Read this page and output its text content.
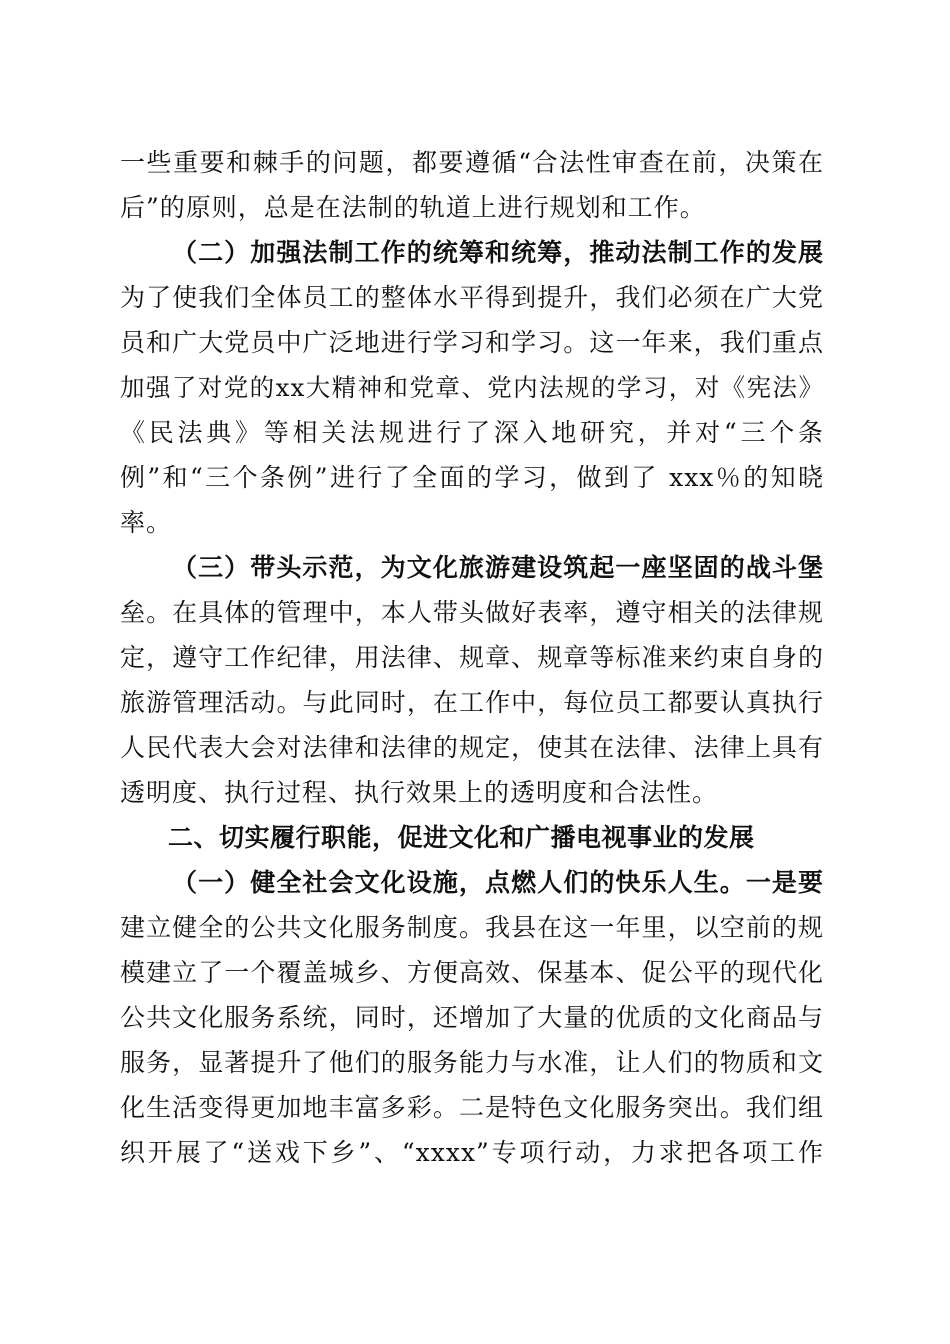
一些重要和棘手的问题，都要遵循“合法性审查在前，决策在
后”的原则，总是在法制的轨道上进行规划和工作。
（二）加强法制工作的统筹和统筹，推动法制工作的发展
为了使我们全体员工的整体水平得到提升，我们必须在广大党
员和广大党员中广泛地进行学习和学习。这一年来，我们重点
加强了对党的xx大精神和党章、党内法规的学习，对《宪法》
《民法典》等相关法规进行了深入地研究，并对“三个条
例”和“三个条例”进行了全面的学习，做到了 xxx％的知晓
率。
（三）带头示范，为文化旅游建设筑起一座坚固的战斗堡
垒。在具体的管理中，本人带头做好表率，遵守相关的法律规
定，遵守工作纪律，用法律、规章、规章等标准来约束自身的
旅游管理活动。与此同时，在工作中，每位员工都要认真执行
人民代表大会对法律和法律的规定，使其在法律、法律上具有
透明度、执行过程、执行效果上的透明度和合法性。
二、切实履行职能，促进文化和广播电视事业的发展
（一）健全社会文化设施，点燃人们的快乐人生。一是要
建立健全的公共文化服务制度。我县在这一年里，以空前的规
模建立了一个覆盖城乡、方便高效、保基本、促公平的现代化
公共文化服务系统，同时，还增加了大量的优质的文化商品与
服务，显著提升了他们的服务能力与水准，让人们的物质和文
化生活变得更加地丰富多彩。二是特色文化服务突出。我们组
织开展了“送戏下乡”、“xxxx”专项行动，力求把各项工作
